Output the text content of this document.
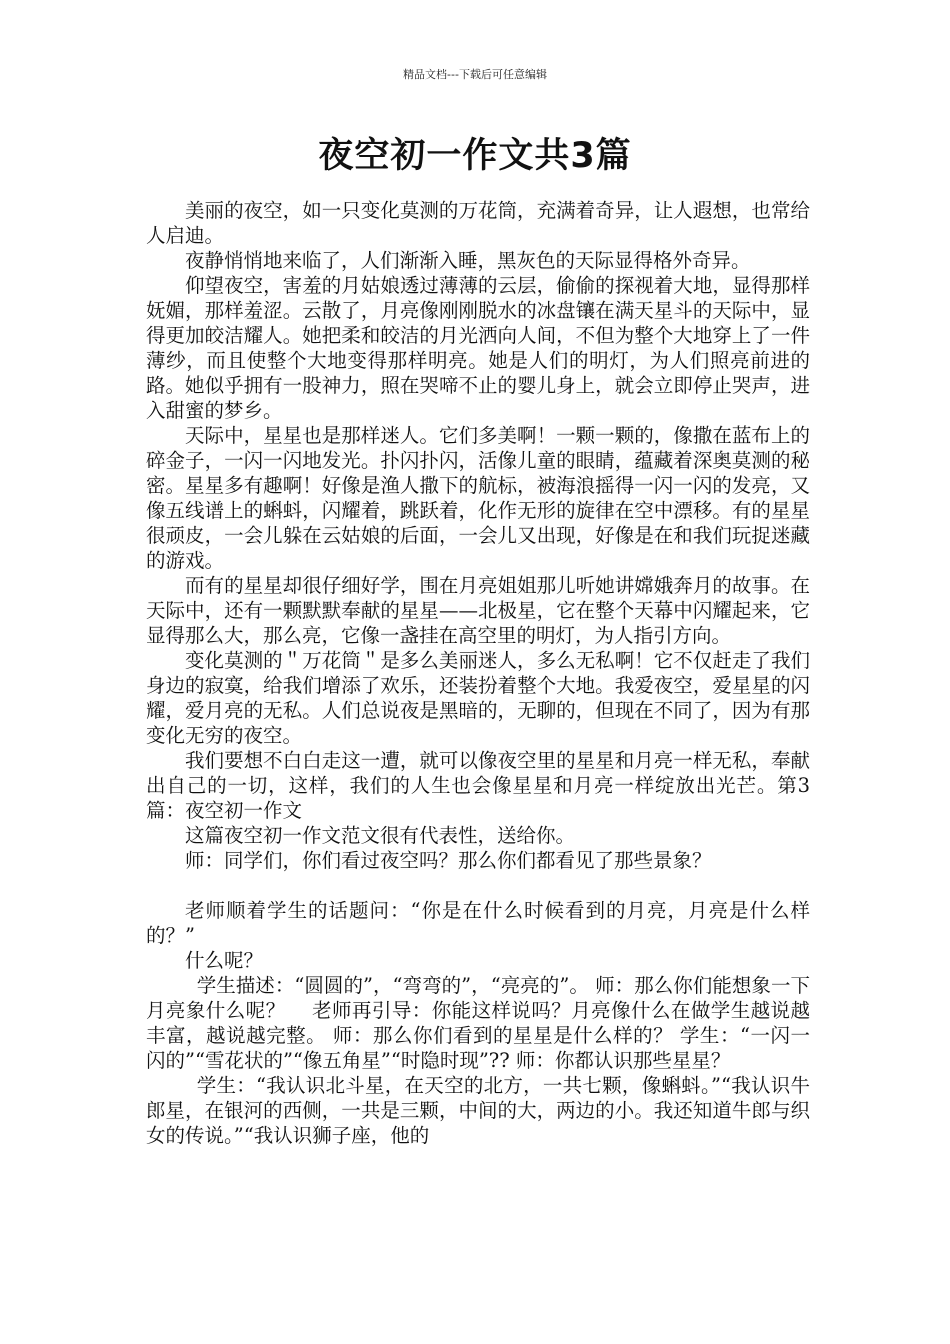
精品文档---下载后可任意编辑
夜空初一作文共3篇

美丽的夜空，如一只变化莫测的万花筒，充满着奇异，让人遐想，也常给人启迪。

夜静悄悄地来临了，人们渐渐入睡，黑灰色的天际显得格外奇异。

仰望夜空，害羞的月姑娘透过薄薄的云层，偷偷的探视着大地，显得那样妩媚，那样羞涩。云散了，月亮像刚刚脱水的冰盘镶在满天星斗的天际中，显得更加皎洁耀人。她把柔和皎洁的月光洒向人间，不但为整个大地穿上了一件薄纱，而且使整个大地变得那样明亮。她是人们的明灯，为人们照亮前进的路。她似乎拥有一股神力，照在哭啼不止的婴儿身上，就会立即停止哭声，进入甜蜜的梦乡。

天际中，星星也是那样迷人。它们多美啊！一颗一颗的，像撒在蓝布上的碎金子，一闪一闪地发光。扑闪扑闪，活像儿童的眼睛，蕴藏着深奥莫测的秘密。星星多有趣啊！好像是渔人撒下的航标，被海浪摇得一闪一闪的发亮，又像五线谱上的蝌蚪，闪耀着，跳跃着，化作无形的旋律在空中漂移。有的星星很顽皮，一会儿躲在云姑娘的后面，一会儿又出现，好像是在和我们玩捉迷藏的游戏。

而有的星星却很仔细好学，围在月亮姐姐那儿听她讲嫦娥奔月的故事。在天际中，还有一颗默默奉献的星星——北极星，它在整个天幕中闪耀起来，它显得那么大，那么亮，它像一盏挂在高空里的明灯，为人指引方向。

变化莫测的＂万花筒＂是多么美丽迷人，多么无私啊！它不仅赶走了我们身边的寂寞，给我们增添了欢乐，还装扮着整个大地。我爱夜空，爱星星的闪耀，爱月亮的无私。人们总说夜是黑暗的，无聊的，但现在不同了，因为有那变化无穷的夜空。

我们要想不白白走这一遭，就可以像夜空里的星星和月亮一样无私，奉献出自己的一切，这样，我们的人生也会像星星和月亮一样绽放出光芒。第3篇：夜空初一作文

这篇夜空初一作文范文很有代表性，送给你。

师：同学们，你们看过夜空吗？那么你们都看见了那些景象？

老师顺着学生的话题问：“你是在什么时候看到的月亮，月亮是什么样的？”

什么呢？

学生描述：“圆圆的”，“弯弯的”，“亮亮的”。 师：那么你们能想象一下月亮象什么呢？　 老师再引导：你能这样说吗？月亮像什么在做学生越说越丰富，越说越完整。 师：那么你们看到的星星是什么样的？ 学生：“一闪一闪的”“雪花状的”“像五角星”“时隐时现”?? 师：你都认识那些星星？

学生：“我认识北斗星，在天空的北方，一共七颗，像蝌蚪。”“我认识牛郎星，在银河的西侧，一共是三颗，中间的大，两边的小。我还知道牛郎与织女的传说。”“我认识狮子座，他的
